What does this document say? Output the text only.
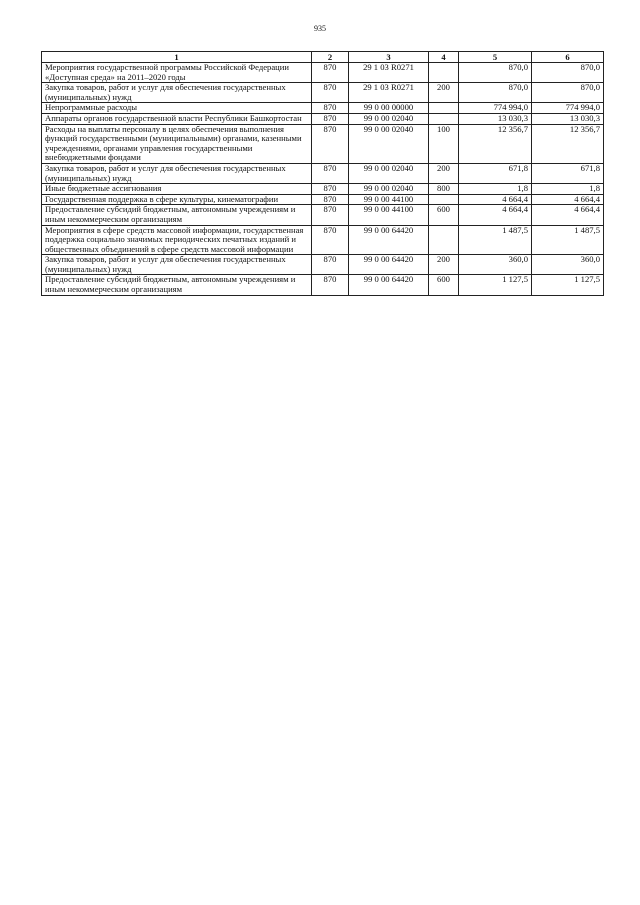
935
1	2	3	4	5	6
Мероприятия государственной программы Российской Федерации «Доступная среда» на 2011–2020 годы	870	29 1 03 R0271		870,0	870,0
Закупка товаров, работ и услуг для обеспечения государственных (муниципальных) нужд	870	29 1 03 R0271	200	870,0	870,0
Непрограммные расходы	870	99 0 00 00000		774 994,0	774 994,0
Аппараты органов государственной власти Республики Башкортостан	870	99 0 00 02040		13 030,3	13 030,3
Расходы на выплаты персоналу в целях обеспечения выполнения функций государственными (муниципальными) органами, казенными учреждениями, органами управления государственными внебюджетными фондами	870	99 0 00 02040	100	12 356,7	12 356,7
Закупка товаров, работ и услуг для обеспечения государственных (муниципальных) нужд	870	99 0 00 02040	200	671,8	671,8
Иные бюджетные ассигнования	870	99 0 00 02040	800	1,8	1,8
Государственная поддержка в сфере культуры, кинематографии	870	99 0 00 44100		4 664,4	4 664,4
Предоставление субсидий бюджетным, автономным учреждениям и иным некоммерческим организациям	870	99 0 00 44100	600	4 664,4	4 664,4
Мероприятия в сфере средств массовой информации, государственная поддержка социально значимых периодических печатных изданий и общественных объединений в сфере средств массовой информации	870	99 0 00 64420		1 487,5	1 487,5
Закупка товаров, работ и услуг для обеспечения государственных (муниципальных) нужд	870	99 0 00 64420	200	360,0	360,0
Предоставление субсидий бюджетным, автономным учреждениям и иным некоммерческим организациям	870	99 0 00 64420	600	1 127,5	1 127,5
